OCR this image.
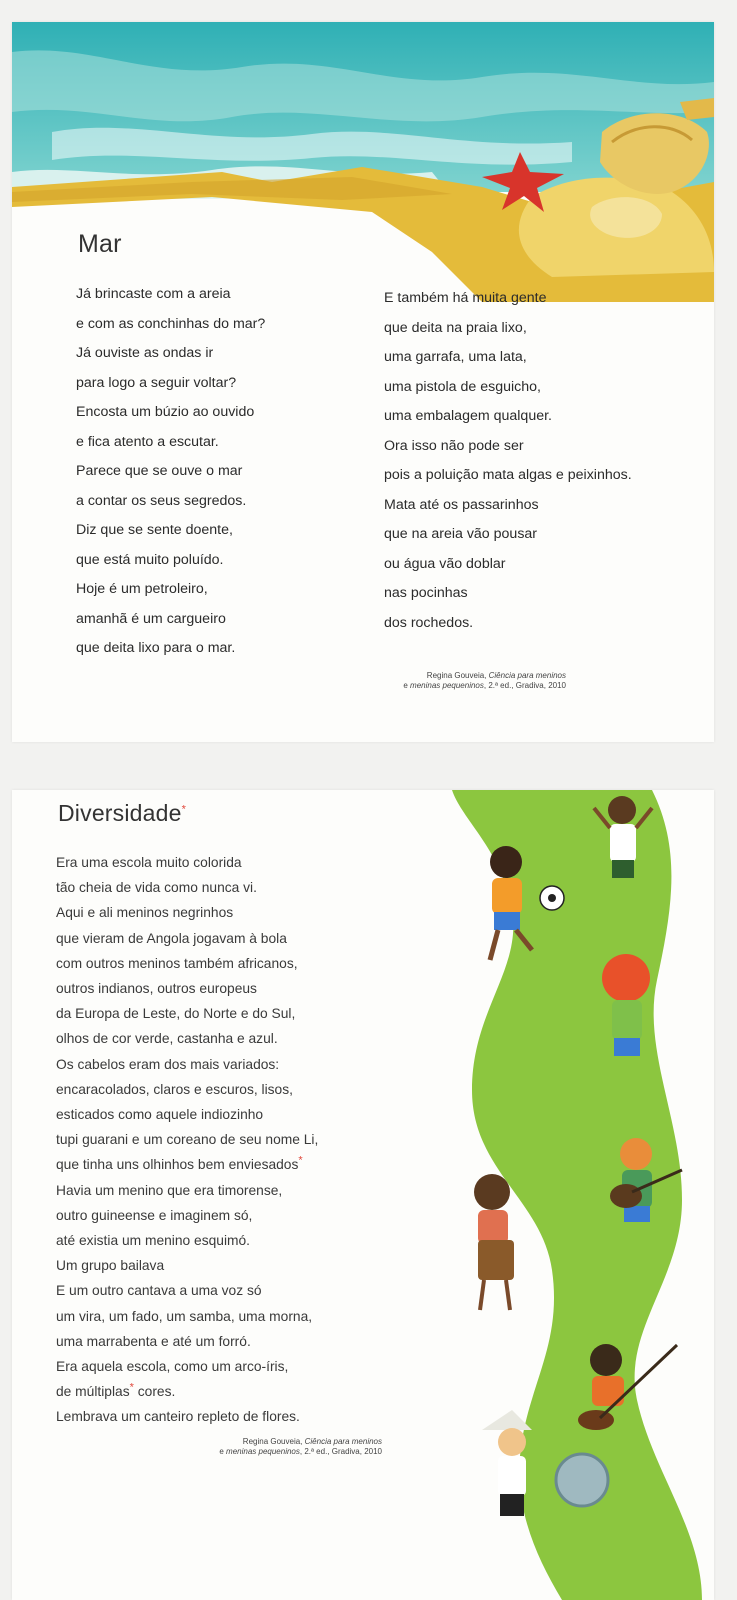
Mar
Já brincaste com a areia
e com as conchinhas do mar?
Já ouviste as ondas ir
para logo a seguir voltar?
Encosta um búzio ao ouvido
e fica atento a escutar.
Parece que se ouve o mar
a contar os seus segredos.
Diz que se sente doente,
que está muito poluído.
Hoje é um petroleiro,
amanhã é um cargueiro
que deita lixo para o mar.
E também há muita gente
que deita na praia lixo,
uma garrafa, uma lata,
uma pistola de esguicho,
uma embalagem qualquer.
Ora isso não pode ser
pois a poluição mata algas e peixinhos.
Mata até os passarinhos
que na areia vão pousar
ou água vão doblar
nas pocinhas
dos rochedos.
Regina Gouveia, Ciência para meninos
e meninas pequeninos, 2.ª ed., Gradiva, 2010
Diversidade*
Era uma escola muito colorida
tão cheia de vida como nunca vi.
Aqui e ali meninos negrinhos
que vieram de Angola jogavam à bola
com outros meninos também africanos,
outros indianos, outros europeus
da Europa de Leste, do Norte e do Sul,
olhos de cor verde, castanha e azul.
Os cabelos eram dos mais variados:
encaracolados, claros e escuros, lisos,
esticados como aquele indiozinho
tupi guarani e um coreano de seu nome Li,
que tinha uns olhinhos bem enviesados*
Havia um menino que era timorense,
outro guineense e imaginem só,
até existia um menino esquimó.
Um grupo bailava
E um outro cantava a uma voz só
um vira, um fado, um samba, uma morna,
uma marrabenta e até um forró.
Era aquela escola, como um arco-íris,
de múltiplas* cores.
Lembrava um canteiro repleto de flores.
Regina Gouveia, Ciência para meninos
e meninas pequeninos, 2.ª ed., Gradiva, 2010
